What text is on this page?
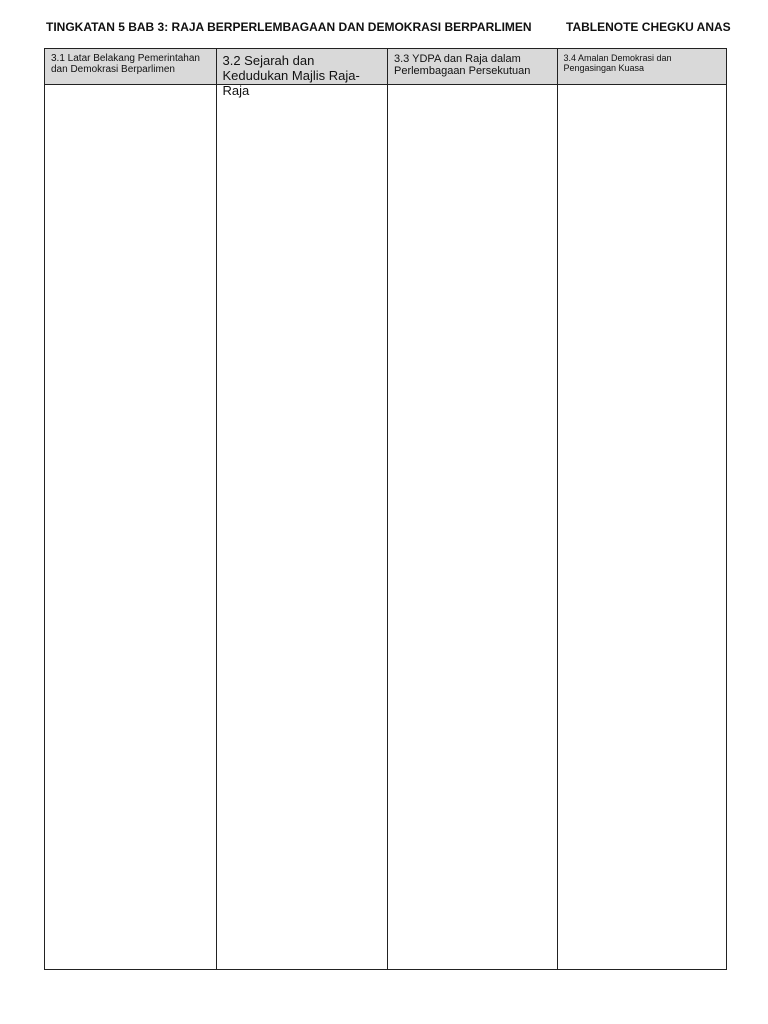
TINGKATAN 5 BAB 3: RAJA BERPERLEMBAGAAN DAN DEMOKRASI BERPARLIMEN	TABLENOTE CHEGKU ANAS
3.1 Latar Belakang Pemerintahan dan Demokrasi Berparlimen
3.2 Sejarah dan Kedudukan Majlis Raja-Raja
3.3 YDPA dan Raja dalam Perlembagaan Persekutuan
3.4 Amalan Demokrasi dan Pengasingan Kuasa
